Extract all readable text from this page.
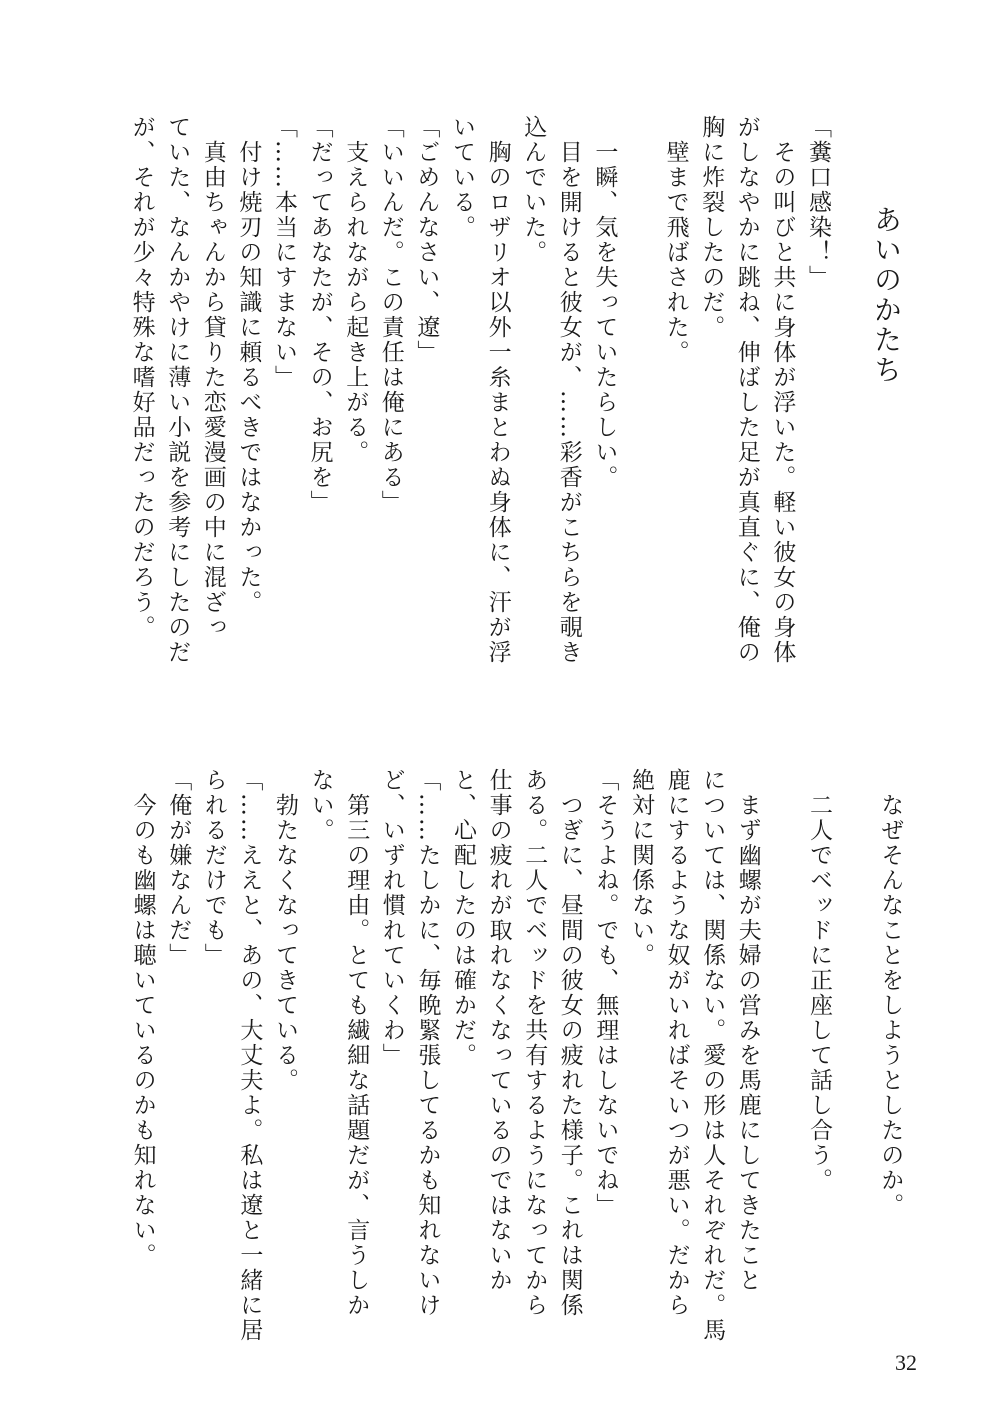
あいのかたち
「糞口感染！」
その叫びと共に身体が浮いた。軽い彼女の身体
がしなやかに跳ね、伸ばした足が真直ぐに、俺の
胸に炸裂したのだ。
壁まで飛ばされた。
一瞬、気を失っていたらしい。
目を開けると彼女が、……彩香がこちらを覗き
込んでいた。
胸のロザリオ以外一糸まとわぬ身体に、汗が浮
いている。
「ごめんなさい、遼」
「いいんだ。この責任は俺にある」
支えられながら起き上がる。
「だってあなたが、その、お尻を」
「……本当にすまない」
付け焼刃の知識に頼るべきではなかった。
真由ちゃんから貸りた恋愛漫画の中に混ざっ
ていた、なんかやけに薄い小説を参考にしたのだ
が、それが少々特殊な嗜好品だったのだろう。
なぜそんなことをしようとしたのか。
二人でベッドに正座して話し合う。
まず幽螺が夫婦の営みを馬鹿にしてきたこと
については、関係ない。愛の形は人それぞれだ。馬
鹿にするような奴がいればそいつが悪い。だから
絶対に関係ない。
「そうよね。でも、無理はしないでね」
つぎに、昼間の彼女の疲れた様子。これは関係
ある。二人でベッドを共有するようになってから
仕事の疲れが取れなくなっているのではないか
と、心配したのは確かだ。
「……たしかに、毎晩緊張してるかも知れないけ
ど、いずれ慣れていくわ」
第三の理由。とても繊細な話題だが、言うしか
ない。
勃たなくなってきている。
「……ええと、あの、大丈夫よ。私は遼と一緒に居
られるだけでも」
「俺が嫌なんだ」
今のも幽螺は聴いているのかも知れない。
32
